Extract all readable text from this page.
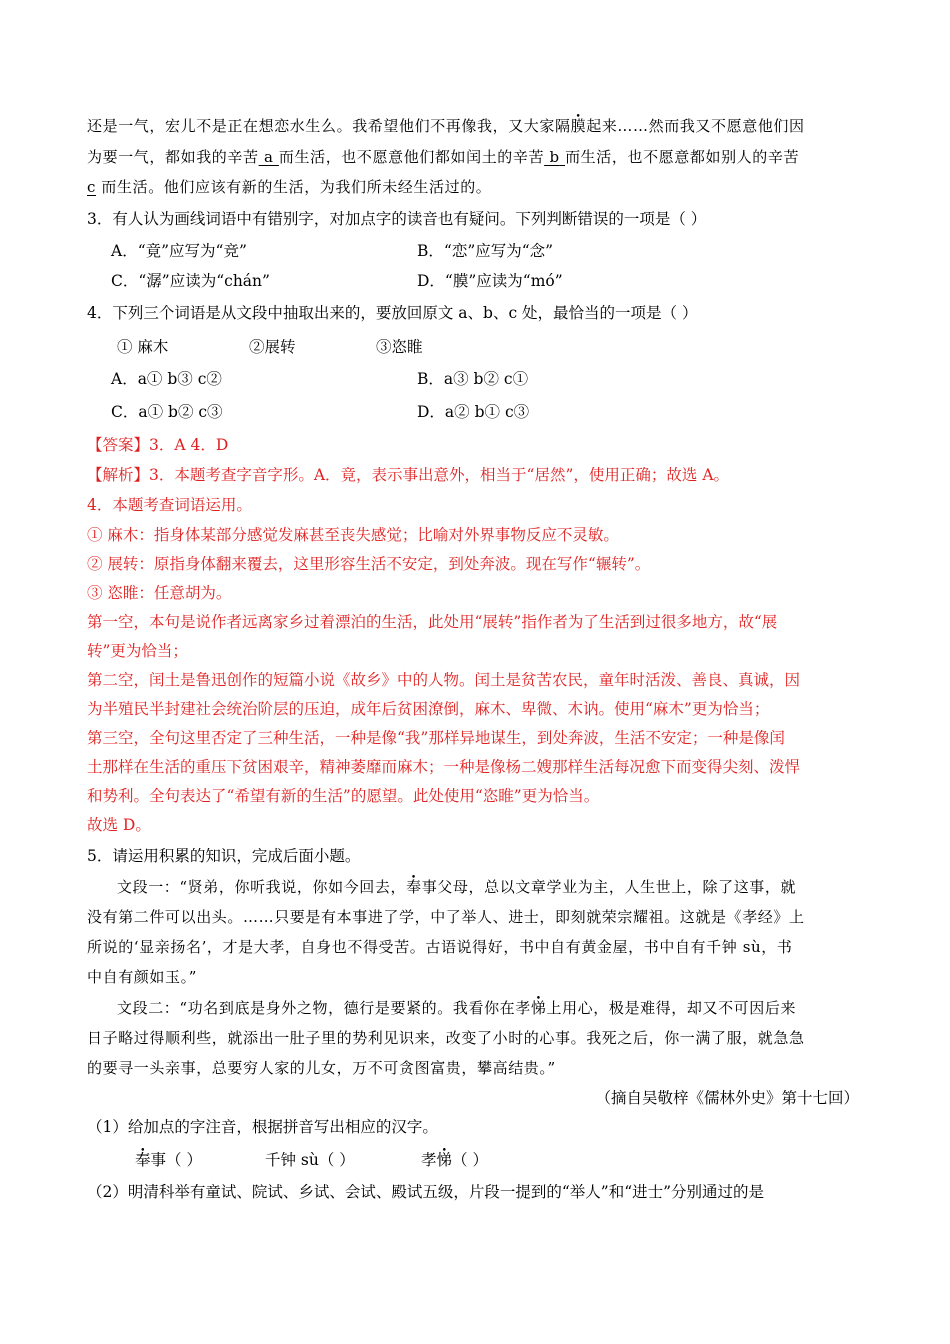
还是一气，宏儿不是正在想恋水生么。我希望他们不再像我，又大家隔膜起来……然而我又不愿意他们因
为要一气，都如我的辛苦 a 而生活，也不愿意他们都如闰土的辛苦 b 而生活，也不愿意都如别人的辛苦
c 而生活。他们应该有新的生活，为我们所未经生活过的。
3．有人认为画线词语中有错别字，对加点字的读音也有疑问。下列判断错误的一项是（ ）
A．“竟”应写为“竞”	B．“恋”应写为“念”
C．“潺”应读为“chán”	D．“膜”应读为“mó”
4．下列三个词语是从文段中抽取出来的，要放回原文 a、b、c 处，最恰当的一项是（ ）
① 麻木	②展转	③恣睢
A．a① b③ c②	B．a③ b② c①
C．a① b② c③	D．a② b① c③
【答案】3．A 4．D
【解析】3．本题考查字音字形。A．竟，表示事出意外，相当于“居然”，使用正确；故选 A。
4．本题考查词语运用。
① 麻木：指身体某部分感觉发麻甚至丧失感觉；比喻对外界事物反应不灵敏。
② 展转：原指身体翻来覆去，这里形容生活不安定，到处奔波。现在写作“辗转”。
③ 恣睢：任意胡为。
第一空，本句是说作者远离家乡过着漂泊的生活，此处用“展转”指作者为了生活到过很多地方，故“展
转”更为恰当；
第二空，闰土是鲁迅创作的短篇小说《故乡》中的人物。闰土是贫苦农民，童年时活泼、善良、真诚，因
为半殖民半封建社会统治阶层的压迫，成年后贫困潦倒，麻木、卑微、木讷。使用“麻木”更为恰当；
第三空，全句这里否定了三种生活，一种是像“我”那样异地谋生，到处奔波，生活不安定；一种是像闰
土那样在生活的重压下贫困艰辛，精神萎靡而麻木；一种是像杨二嫂那样生活每况愈下而变得尖刻、泼悍
和势利。全句表达了“希望有新的生活”的愿望。此处使用“恣睢”更为恰当。
故选 D。
5．请运用积累的知识，完成后面小题。
文段一：“贤弟，你听我说，你如今回去，奉事父母，总以文章学业为主，人生世上，除了这事，就
没有第二件可以出头。……只要是有本事进了学，中了举人、进士，即刻就荣宗耀祖。这就是《孝经》上
所说的‘显亲扬名’，才是大孝，自身也不得受苦。古语说得好，书中自有黄金屋，书中自有千钟 sù，书
中自有颜如玉。”
文段二：“功名到底是身外之物，德行是要紧的。我看你在孝悌上用心，极是难得，却又不可因后来
日子略过得顺利些，就添出一肚子里的势利见识来，改变了小时的心事。我死之后，你一满了服，就急急
的要寻一头亲事，总要穷人家的儿女，万不可贪图富贵，攀高结贵。”
（摘自吴敬梓《儒林外史》第十七回）
（1）给加点的字注音，根据拼音写出相应的汉字。
奉事（ ）	千钟 sù（ ）	孝悌（ ）
（2）明清科举有童试、院试、乡试、会试、殿试五级，片段一提到的“举人”和“进士”分别通过的是
